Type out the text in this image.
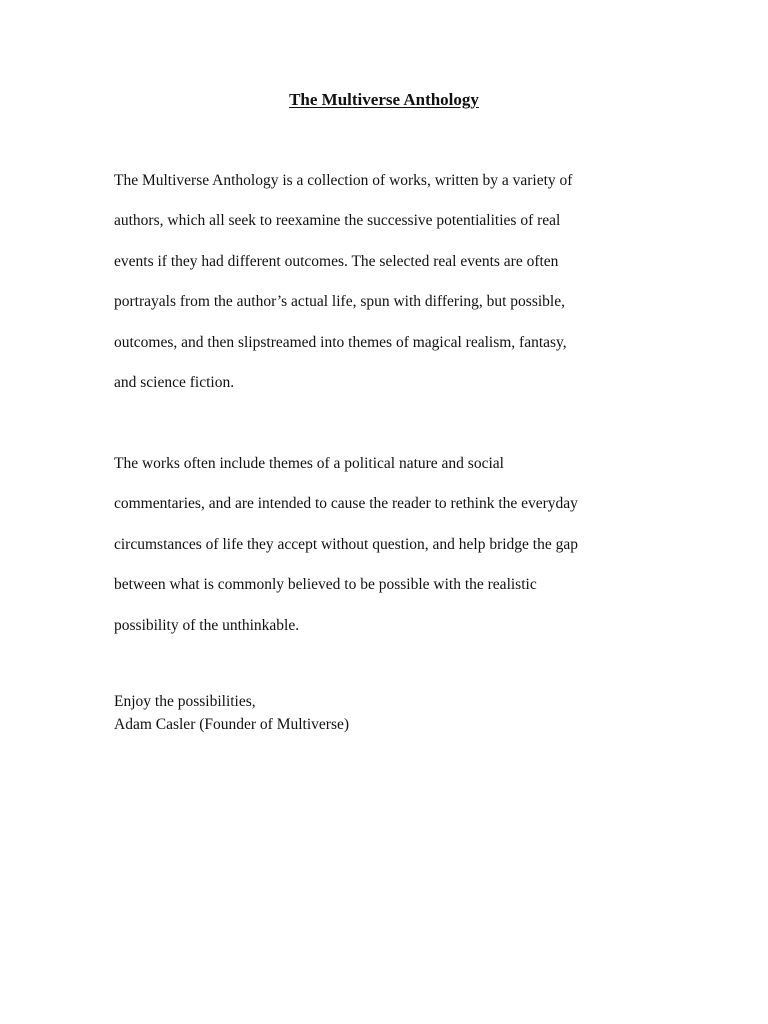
The Multiverse Anthology

The Multiverse Anthology is a collection of works, written by a variety of
authors, which all seek to reexamine the successive potentialities of real
events if they had different outcomes. The selected real events are often
portrayals from the author’s actual life, spun with differing, but possible,
outcomes, and then slipstreamed into themes of magical realism, fantasy,
and science fiction.

The works often include themes of a political nature and social
commentaries, and are intended to cause the reader to rethink the everyday
circumstances of life they accept without question, and help bridge the gap
between what is commonly believed to be possible with the realistic
possibility of the unthinkable.

Enjoy the possibilities,
Adam Casler (Founder of Multiverse)
